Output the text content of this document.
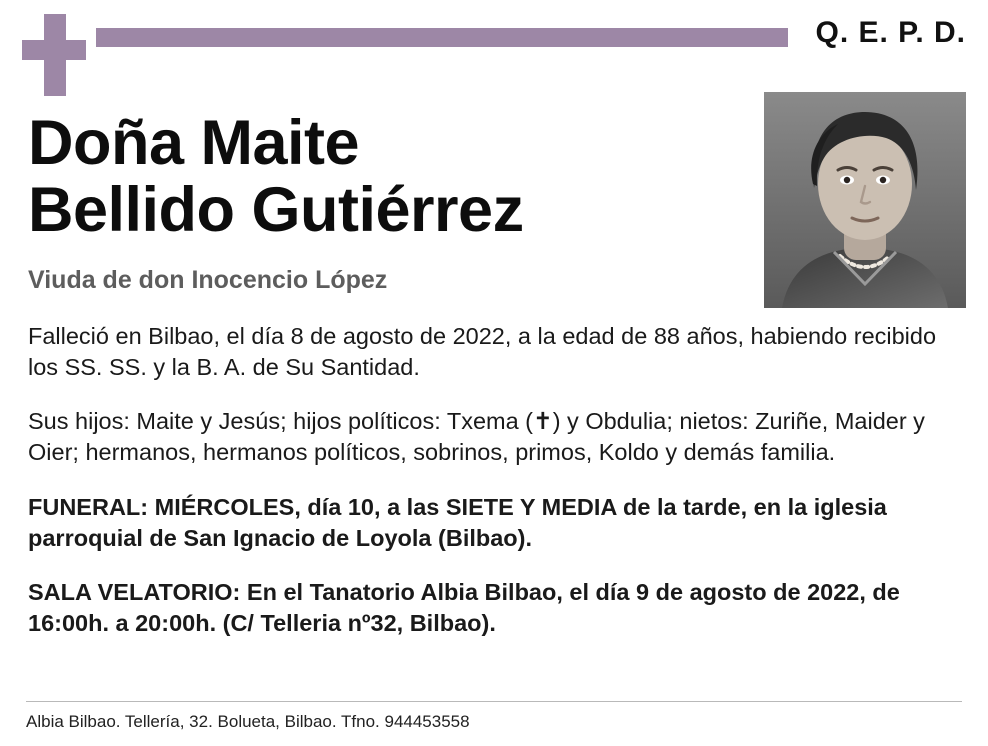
Q. E. P. D.
Doña Maite
Bellido Gutiérrez
Viuda de don Inocencio López

Falleció en Bilbao, el día 8 de agosto de 2022, a la edad de 88 años, habiendo recibido los SS. SS. y la B. A. de Su Santidad.

Sus hijos: Maite y Jesús; hijos políticos: Txema (✝) y Obdulia; nietos: Zuriñe, Maider y Oier; hermanos, hermanos políticos, sobrinos, primos, Koldo y demás familia.

FUNERAL: MIÉRCOLES, día 10, a las SIETE Y MEDIA de la tarde, en la iglesia parroquial de San Ignacio de Loyola (Bilbao).

SALA VELATORIO: En el Tanatorio Albia Bilbao, el día 9 de agosto de 2022, de 16:00h. a 20:00h. (C/ Telleria nº32, Bilbao).

Albia Bilbao. Tellería, 32. Bolueta, Bilbao. Tfno. 944453558
